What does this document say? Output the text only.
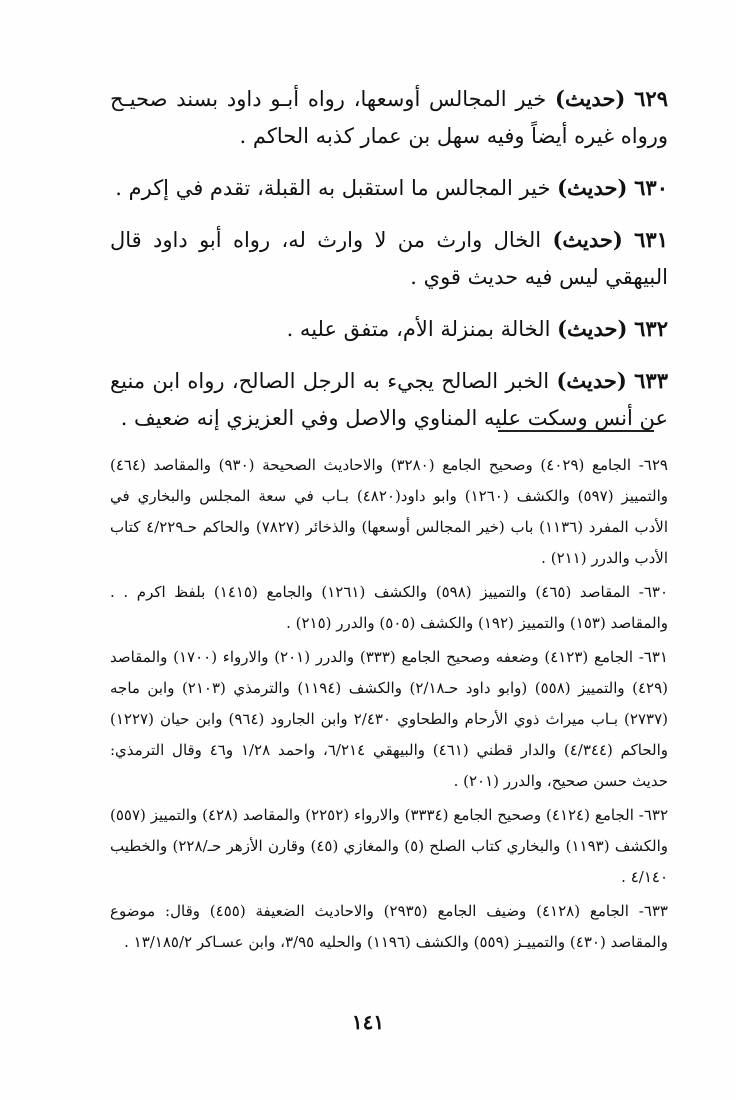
٦٢٩ (حديث) خير المجالس أوسعها، رواه أبـو داود بسند صحيـح ورواه غيره أيضاً وفيه سهل بن عمار كذبه الحاكم .

٦٣٠ (حديث) خير المجالس ما استقبل به القبلة، تقدم في إكرم .

٦٣١ (حديث) الخال وارث من لا وارث له، رواه أبو داود قال البيهقي ليس فيه حديث قوي .

٦٣٢ (حديث) الخالة بمنزلة الأم، متفق عليه .

٦٣٣ (حديث) الخبر الصالح يجيء به الرجل الصالح، رواه ابن منيع عن أنس وسكت عليه المناوي والاصل وفي العزيزي إنه ضعيف .

٦٢٩- الجامع (٤٠٢٩) وصحيح الجامع (٣٢٨٠) والاحاديث الصحيحة (٩٣٠) والمقاصد (٤٦٤) والتمييز (٥٩٧) والكشف (١٢٦٠) وابو داود(٤٨٢٠) بـاب في سعة المجلس والبخاري في الأدب المفرد (١١٣٦) باب (خير المجالس أوسعها) والذخائر (٧٨٢٧) والحاكم حـ٤/٢٢٩ كتاب الأدب والدرر (٢١١) .

٦٣٠- المقاصد (٤٦٥) والتمييز (٥٩٨) والكشف (١٢٦١) والجامع (١٤١٥) بلفظ اكرم . . والمقاصد (١٥٣) والتمييز (١٩٢) والكشف (٥٠٥) والدرر (٢١٥) .

٦٣١- الجامع (٤١٢٣) وضعفه وصحيح الجامع (٣٣٣) والدرر (٢٠١) والارواء (١٧٠٠) والمقاصد (٤٢٩) والتمييز (٥٥٨) (وابو داود حـ٢/١٨) والكشف (١١٩٤) والترمذي (٢١٠٣) وابن ماجه (٢٧٣٧) بـاب ميراث ذوي الأرحام والطحاوي ٢/٤٣٠ وابن الجارود (٩٦٤) وابن حيان (١٢٢٧) والحاكم (٤/٣٤٤) والدار قطني (٤٦١) والبيهقي ٦/٢١٤، واحمد ١/٢٨ و٤٦ وقال الترمذي: حديث حسن صحيح، والدرر (٢٠١) .

٦٣٢- الجامع (٤١٢٤) وصحيح الجامع (٣٣٣٤) والارواء (٢٢٥٢) والمقاصد (٤٢٨) والتمييز (٥٥٧) والكشف (١١٩٣) والبخاري كتاب الصلح (٥) والمغازي (٤٥) وقارن الأزهر حـ/٢٢٨) والخطيب ٤/١٤٠ .

٦٣٣- الجامع (٤١٢٨) وضيف الجامع (٢٩٣٥) والاحاديث الضعيفة (٤٥٥) وقال: موضوع والمقاصد (٤٣٠) والتمييـز (٥٥٩) والكشف (١١٩٦) والحليه ٣/٩٥، وابن عسـاكر ١٣/١٨٥/٢ .

١٤١
